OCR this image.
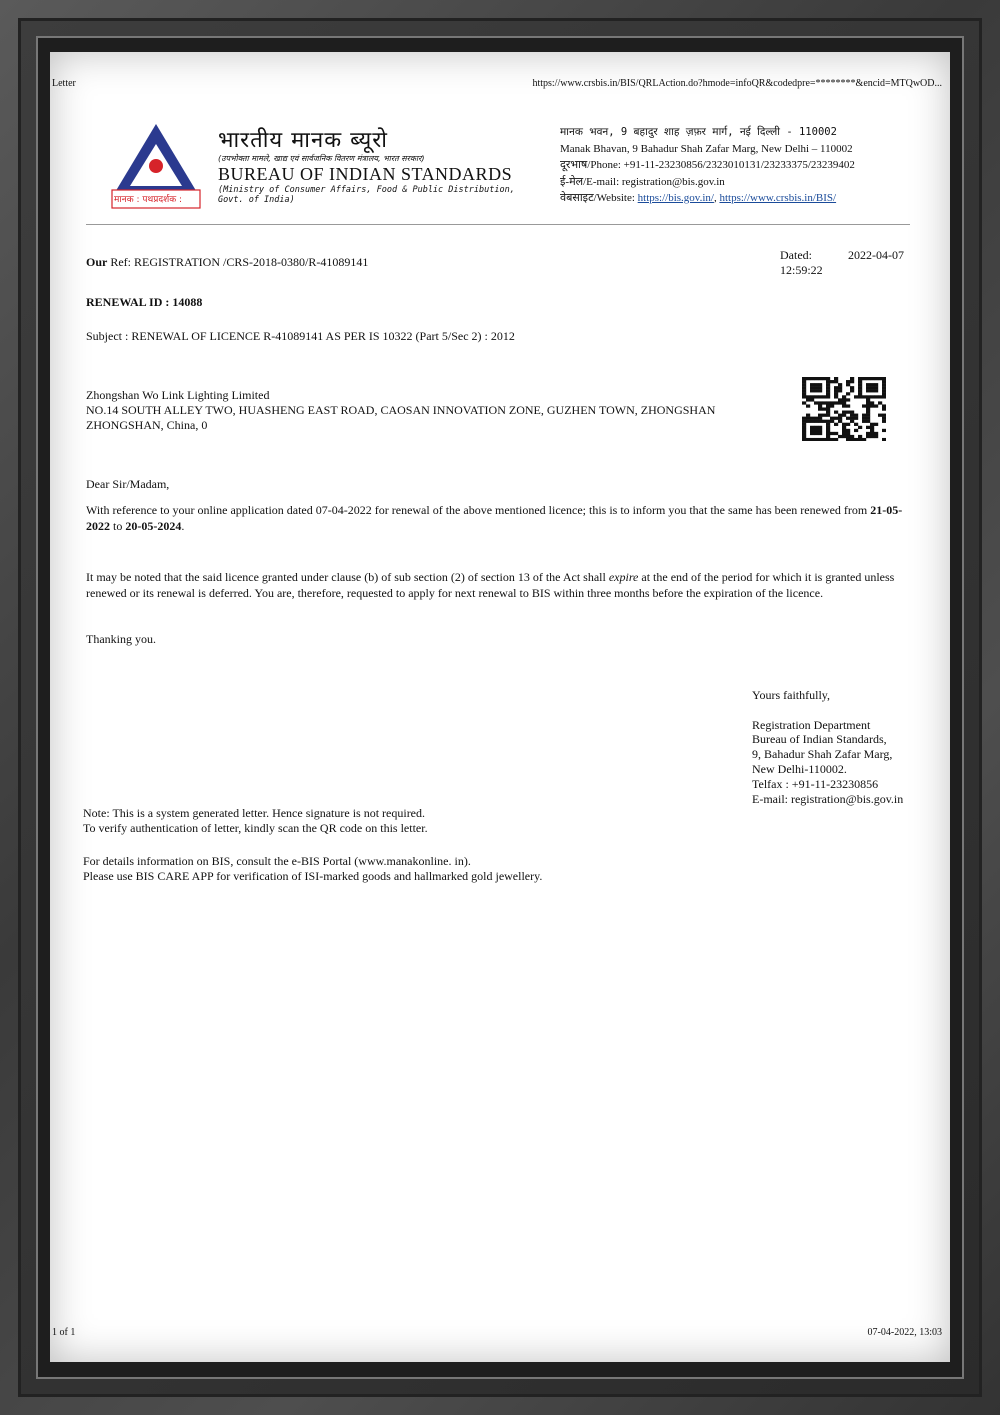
Letter	https://www.crsbis.in/BIS/QRLAction.do?hmode=infoQR&codedpre=********&encid=MTQwOD...
मानक : पथप्रदर्शक :
भारतीय मानक ब्यूरो
(उपभोक्ता मामले, खाद्य एवं सार्वजनिक वितरण मंत्रालय, भारत सरकार)
BUREAU OF INDIAN STANDARDS
(Ministry of Consumer Affairs, Food & Public Distribution, Govt. of India)
मानक भवन, 9 बहादुर शाह ज़फ़र मार्ग, नई दिल्ली - 110002
Manak Bhavan, 9 Bahadur Shah Zafar Marg, New Delhi – 110002
दूरभाष/Phone: +91-11-23230856/2323010131/23233375/23239402
ई-मेल/E-mail: registration@bis.gov.in
वेबसाइट/Website: https://bis.gov.in/, https://www.crsbis.in/BIS/
Our Ref: REGISTRATION /CRS-2018-0380/R-41089141	Dated:	2022-04-07
12:59:22
RENEWAL ID : 14088
Subject : RENEWAL OF LICENCE R-41089141 AS PER IS 10322 (Part 5/Sec 2) : 2012
Zhongshan Wo Link Lighting Limited
NO.14 SOUTH ALLEY TWO, HUASHENG EAST ROAD, CAOSAN INNOVATION ZONE, GUZHEN TOWN, ZHONGSHAN
ZHONGSHAN, China, 0
Dear Sir/Madam,
With reference to your online application dated 07-04-2022 for renewal of the above mentioned licence; this is to inform you that the same has been renewed from 21-05-2022 to 20-05-2024.
It may be noted that the said licence granted under clause (b) of sub section (2) of section 13 of the Act shall expire at the end of the period for which it is granted unless renewed or its renewal is deferred. You are, therefore, requested to apply for next renewal to BIS within three months before the expiration of the licence.
Thanking you.
Yours faithfully,
Registration Department
Bureau of Indian Standards,
9, Bahadur Shah Zafar Marg,
New Delhi-110002.
Telfax : +91-11-23230856
E-mail: registration@bis.gov.in
Note: This is a system generated letter. Hence signature is not required.
To verify authentication of letter, kindly scan the QR code on this letter.
For details information on BIS, consult the e-BIS Portal (www.manakonline. in).
Please use BIS CARE APP for verification of ISI-marked goods and hallmarked gold jewellery.
1 of 1	07-04-2022, 13:03
